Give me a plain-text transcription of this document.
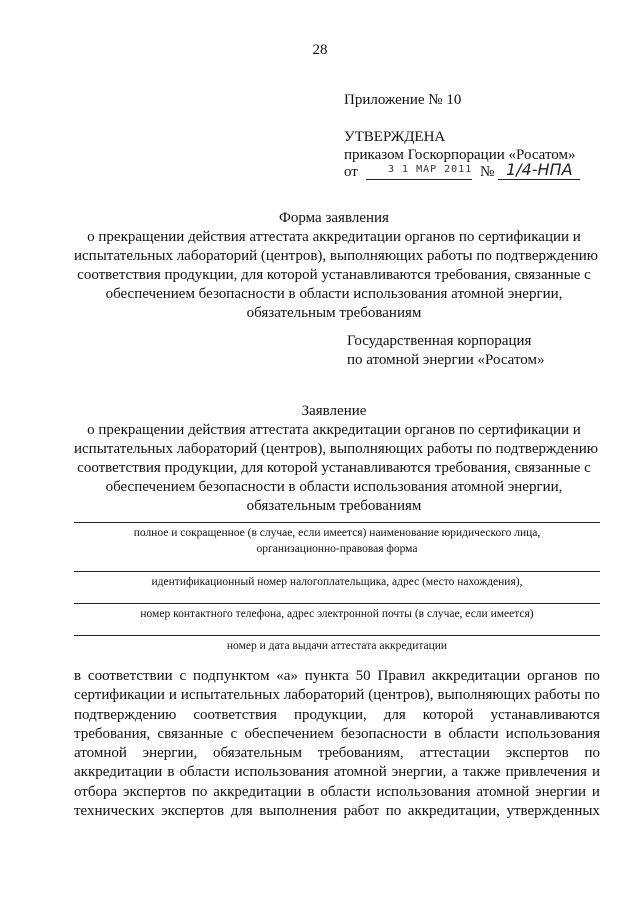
28
Приложение № 10
УТВЕРЖДЕНА
приказом Госкорпорации «Росатом»
от	3 1 МАР 2011 № 1/4-НПА
Форма заявления
о прекращении действия аттестата аккредитации органов по сертификации и
испытательных лабораторий (центров), выполняющих работы по подтверждению
соответствия продукции, для которой устанавливаются требования, связанные с
обеспечением безопасности в области использования атомной энергии,
обязательным требованиям
Государственная корпорация
по атомной энергии «Росатом»
Заявление
о прекращении действия аттестата аккредитации органов по сертификации и
испытательных лабораторий (центров), выполняющих работы по подтверждению
соответствия продукции, для которой устанавливаются требования, связанные с
обеспечением безопасности в области использования атомной энергии,
обязательным требованиям
полное и сокращенное (в случае, если имеется) наименование юридического лица,
организационно-правовая форма
идентификационный номер налогоплательщика, адрес (место нахождения),
номер контактного телефона, адрес электронной почты (в случае, если имеется)
номер и дата выдачи аттестата аккредитации
в соответствии с подпунктом «а» пункта 50 Правил аккредитации органов по
сертификации и испытательных лабораторий (центров), выполняющих работы по
подтверждению соответствия продукции, для которой устанавливаются
требования, связанные с обеспечением безопасности в области использования
атомной энергии, обязательным требованиям, аттестации экспертов по
аккредитации в области использования атомной энергии, а также привлечения и
отбора экспертов по аккредитации в области использования атомной энергии и
технических экспертов для выполнения работ по аккредитации, утвержденных
